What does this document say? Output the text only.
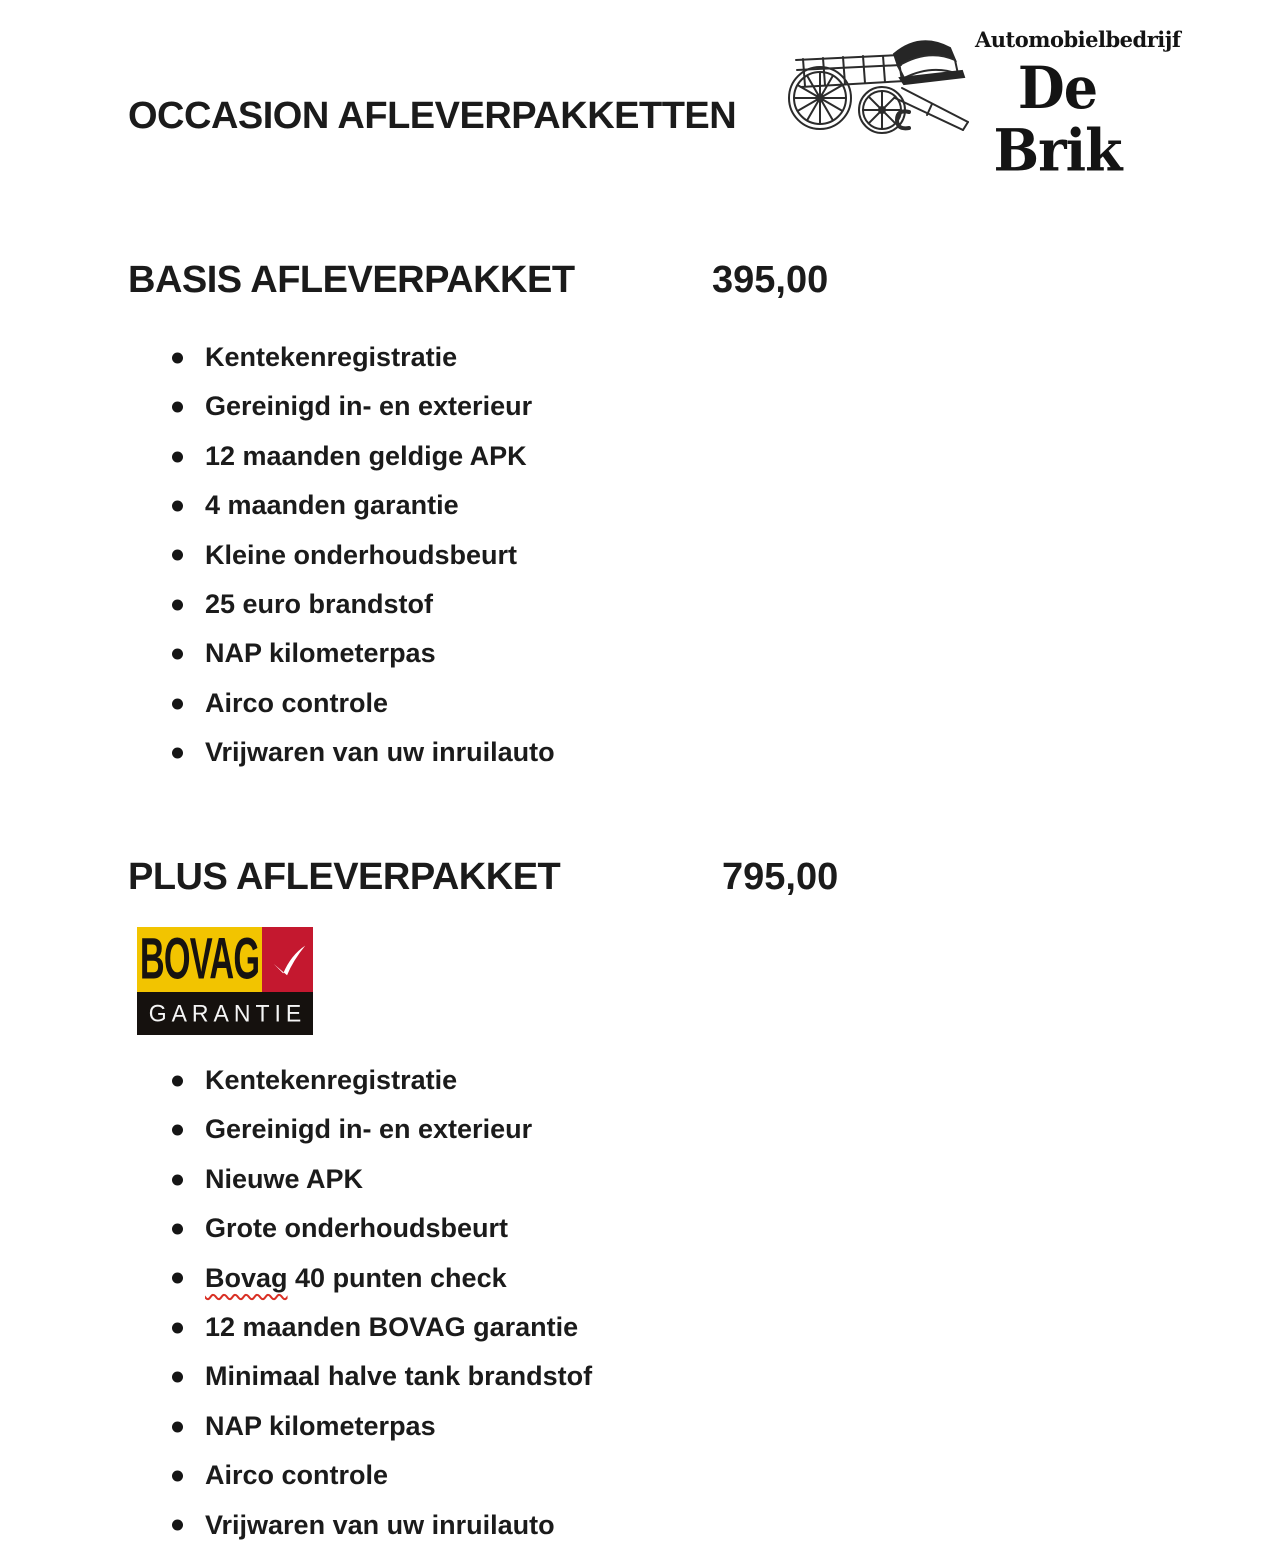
OCCASION AFLEVERPAKKETTEN
Automobielbedrijf
De Brik
BASIS AFLEVERPAKKET	395,00
Kentekenregistratie
Gereinigd in- en exterieur
12 maanden geldige APK
4 maanden garantie
Kleine onderhoudsbeurt
25 euro brandstof
NAP kilometerpas
Airco controle
Vrijwaren van uw inruilauto
PLUS AFLEVERPAKKET	795,00
BOVAG
GARANTIE
Kentekenregistratie
Gereinigd in- en exterieur
Nieuwe APK
Grote onderhoudsbeurt
Bovag 40 punten check
12 maanden BOVAG garantie
Minimaal halve tank brandstof
NAP kilometerpas
Airco controle
Vrijwaren van uw inruilauto
